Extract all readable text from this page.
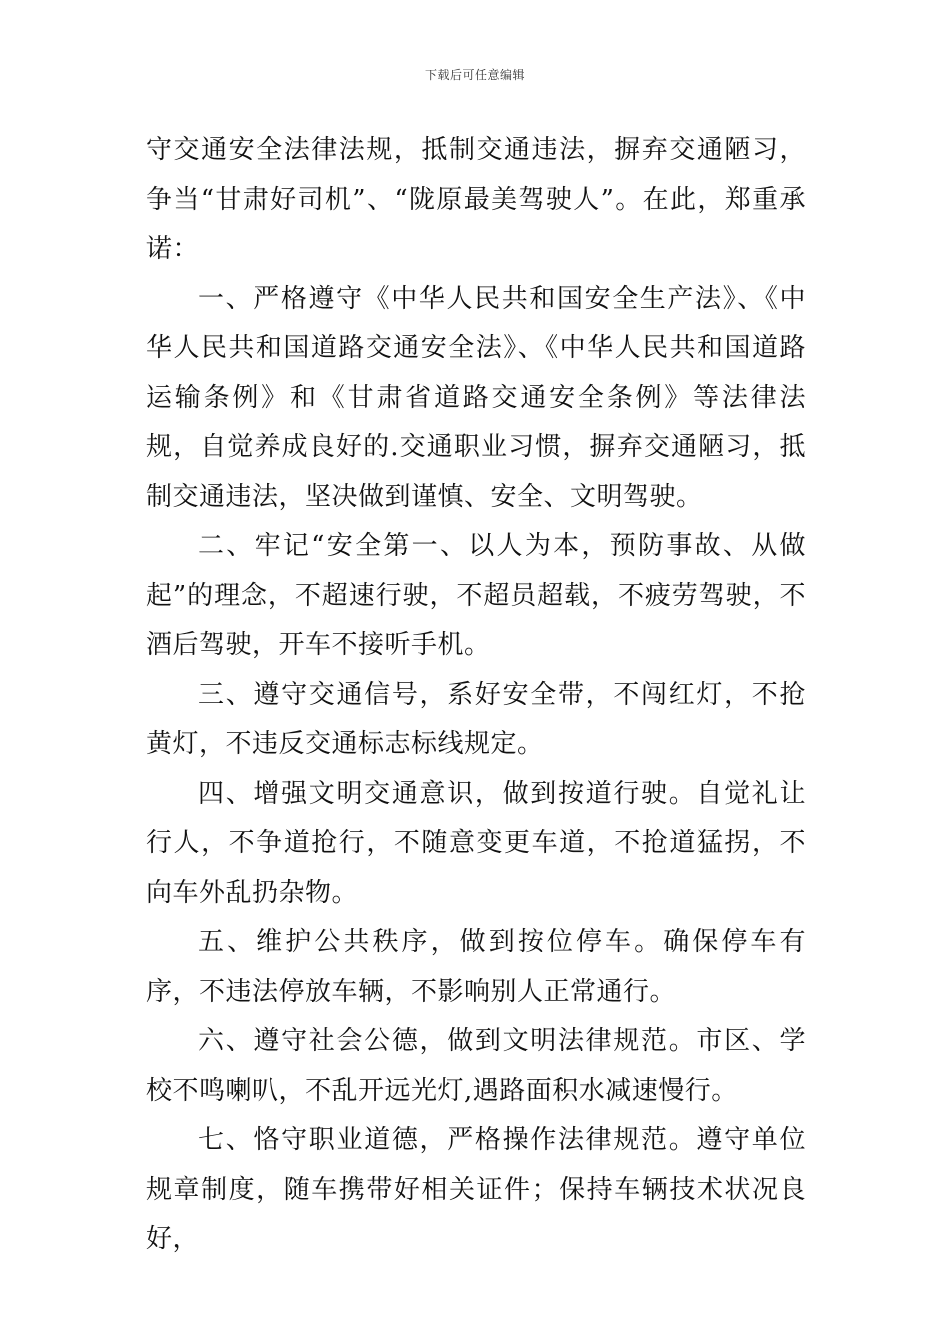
下载后可任意编辑

守交通安全法律法规，抵制交通违法，摒弃交通陋习，争当“甘肃好司机”、“陇原最美驾驶人”。在此，郑重承诺：

一、严格遵守《中华人民共和国安全生产法》、《中华人民共和国道路交通安全法》、《中华人民共和国道路运输条例》和《甘肃省道路交通安全条例》等法律法规，自觉养成良好的.交通职业习惯，摒弃交通陋习，抵制交通违法，坚决做到谨慎、安全、文明驾驶。

二、牢记“安全第一、以人为本，预防事故、从做起”的理念，不超速行驶，不超员超载，不疲劳驾驶，不酒后驾驶，开车不接听手机。

三、遵守交通信号，系好安全带，不闯红灯，不抢黄灯，不违反交通标志标线规定。

四、增强文明交通意识，做到按道行驶。自觉礼让行人，不争道抢行，不随意变更车道，不抢道猛拐，不向车外乱扔杂物。

五、维护公共秩序，做到按位停车。确保停车有序，不违法停放车辆，不影响别人正常通行。

六、遵守社会公德，做到文明法律规范。市区、学校不鸣喇叭，不乱开远光灯,遇路面积水减速慢行。

七、恪守职业道德，严格操作法律规范。遵守单位规章制度，随车携带好相关证件；保持车辆技术状况良好，
